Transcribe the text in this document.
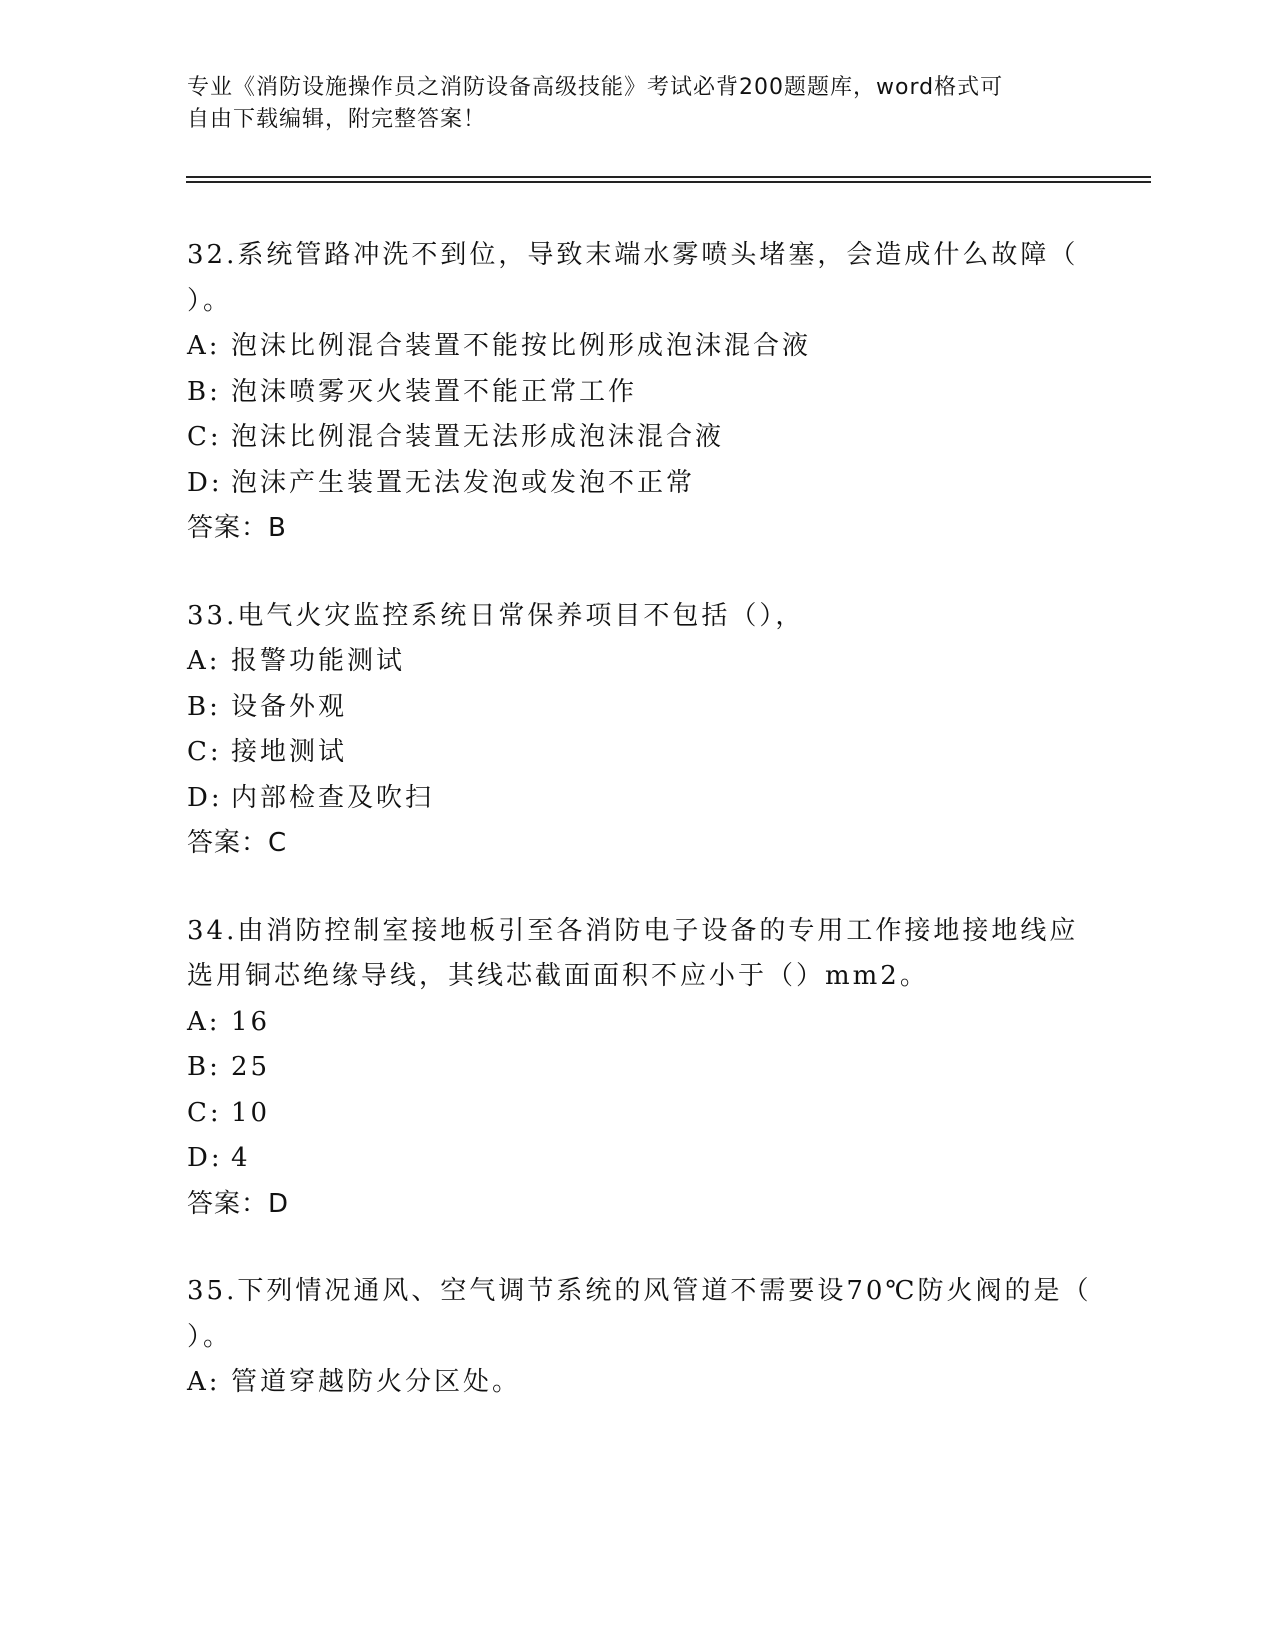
专业《消防设施操作员之消防设备高级技能》考试必背200题题库，word格式可
自由下载编辑，附完整答案！
32.系统管路冲洗不到位，导致末端水雾喷头堵塞，会造成什么故障（
）。
A: 泡沫比例混合装置不能按比例形成泡沫混合液
B: 泡沫喷雾灭火装置不能正常工作
C: 泡沫比例混合装置无法形成泡沫混合液
D: 泡沫产生装置无法发泡或发泡不正常
答案：B
33.电气火灾监控系统日常保养项目不包括（），
A: 报警功能测试
B: 设备外观
C: 接地测试
D: 内部检查及吹扫
答案：C
34.由消防控制室接地板引至各消防电子设备的专用工作接地接地线应
选用铜芯绝缘导线，其线芯截面面积不应小于（）mm2。
A: 16
B: 25
C: 10
D: 4
答案：D
35.下列情况通风、空气调节系统的风管道不需要设70℃防火阀的是（
）。
A: 管道穿越防火分区处。
